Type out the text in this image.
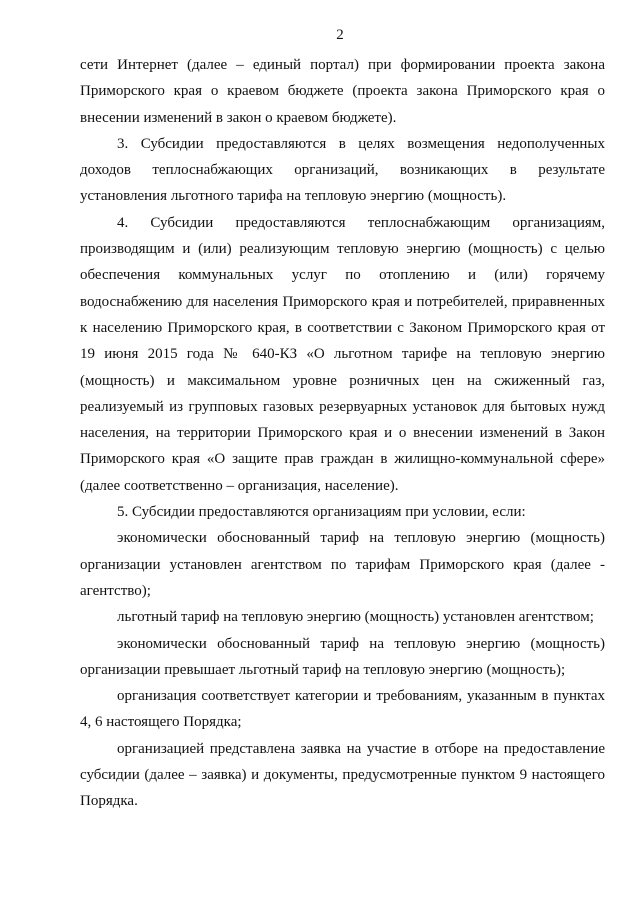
2

сети Интернет (далее – единый портал) при формировании проекта закона Приморского края о краевом бюджете (проекта закона Приморского края о внесении изменений в закон о краевом бюджете).

3. Субсидии предоставляются в целях возмещения недополученных доходов теплоснабжающих организаций, возникающих в результате установления льготного тарифа на тепловую энергию (мощность).

4. Субсидии предоставляются теплоснабжающим организациям, производящим и (или) реализующим тепловую энергию (мощность) с целью обеспечения коммунальных услуг по отоплению и (или) горячему водоснабжению для населения Приморского края и потребителей, приравненных к населению Приморского края, в соответствии с Законом Приморского края от 19 июня 2015 года № 640-КЗ «О льготном тарифе на тепловую энергию (мощность) и максимальном уровне розничных цен на сжиженный газ, реализуемый из групповых газовых резервуарных установок для бытовых нужд населения, на территории Приморского края и о внесении изменений в Закон Приморского края «О защите прав граждан в жилищно-коммунальной сфере» (далее соответственно – организация, население).

5. Субсидии предоставляются организациям при условии, если:

экономически обоснованный тариф на тепловую энергию (мощность) организации установлен агентством по тарифам Приморского края (далее - агентство);

льготный тариф на тепловую энергию (мощность) установлен агентством;

экономически обоснованный тариф на тепловую энергию (мощность) организации превышает льготный тариф на тепловую энергию (мощность);

организация соответствует категории и требованиям, указанным в пунктах 4, 6 настоящего Порядка;

организацией представлена заявка на участие в отборе на предоставление субсидии (далее – заявка) и документы, предусмотренные пунктом 9 настоящего Порядка.
